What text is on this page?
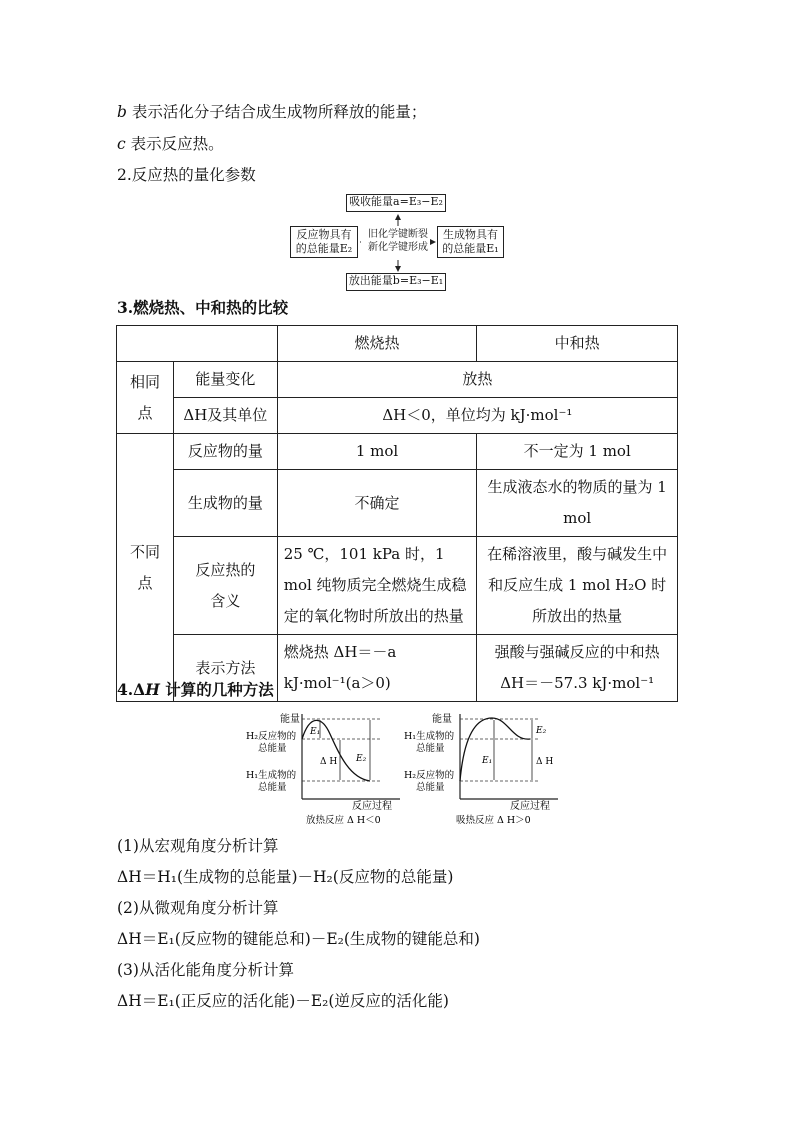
b 表示活化分子结合成生成物所释放的能量；
c 表示反应热。
2.反应热的量化参数
吸收能量a=E₃−E₂
反应物具有
的总能量E₂
生成物具有
的总能量E₁
旧化学键断裂
新化学键形成
放出能量b=E₃−E₁
3.燃烧热、中和热的比较
		燃烧热	中和热
相同点	能量变化	放热	
	ΔH及其单位	ΔH＜0，单位均为 kJ·mol⁻¹	
不同点	反应物的量	1 mol	不一定为 1 mol
	生成物的量	不确定	生成液态水的物质的量为 1 mol
	反应热的含义	25 ℃，101 kPa 时，1 mol 纯物质完全燃烧生成稳定的氧化物时所放出的热量	在稀溶液里，酸与碱发生中和反应生成 1 mol H₂O 时所放出的热量
	表示方法	燃烧热 ΔH＝－a kJ·mol⁻¹(a＞0)	强酸与强碱反应的中和热 ΔH＝－57.3 kJ·mol⁻¹
4.ΔH 计算的几种方法
能量
H₂反应物的
总能量
H₁生成物的
总能量
E₁
E₂
Δ H
反应过程
放热反应 Δ H＜0
能量
H₁生成物的
总能量
H₂反应物的
总能量
E₁
E₂
Δ H
反应过程
吸热反应 Δ H＞0
(1)从宏观角度分析计算
ΔH＝H₁(生成物的总能量)－H₂(反应物的总能量)
(2)从微观角度分析计算
ΔH＝E₁(反应物的键能总和)－E₂(生成物的键能总和)
(3)从活化能角度分析计算
ΔH＝E₁(正反应的活化能)－E₂(逆反应的活化能)
